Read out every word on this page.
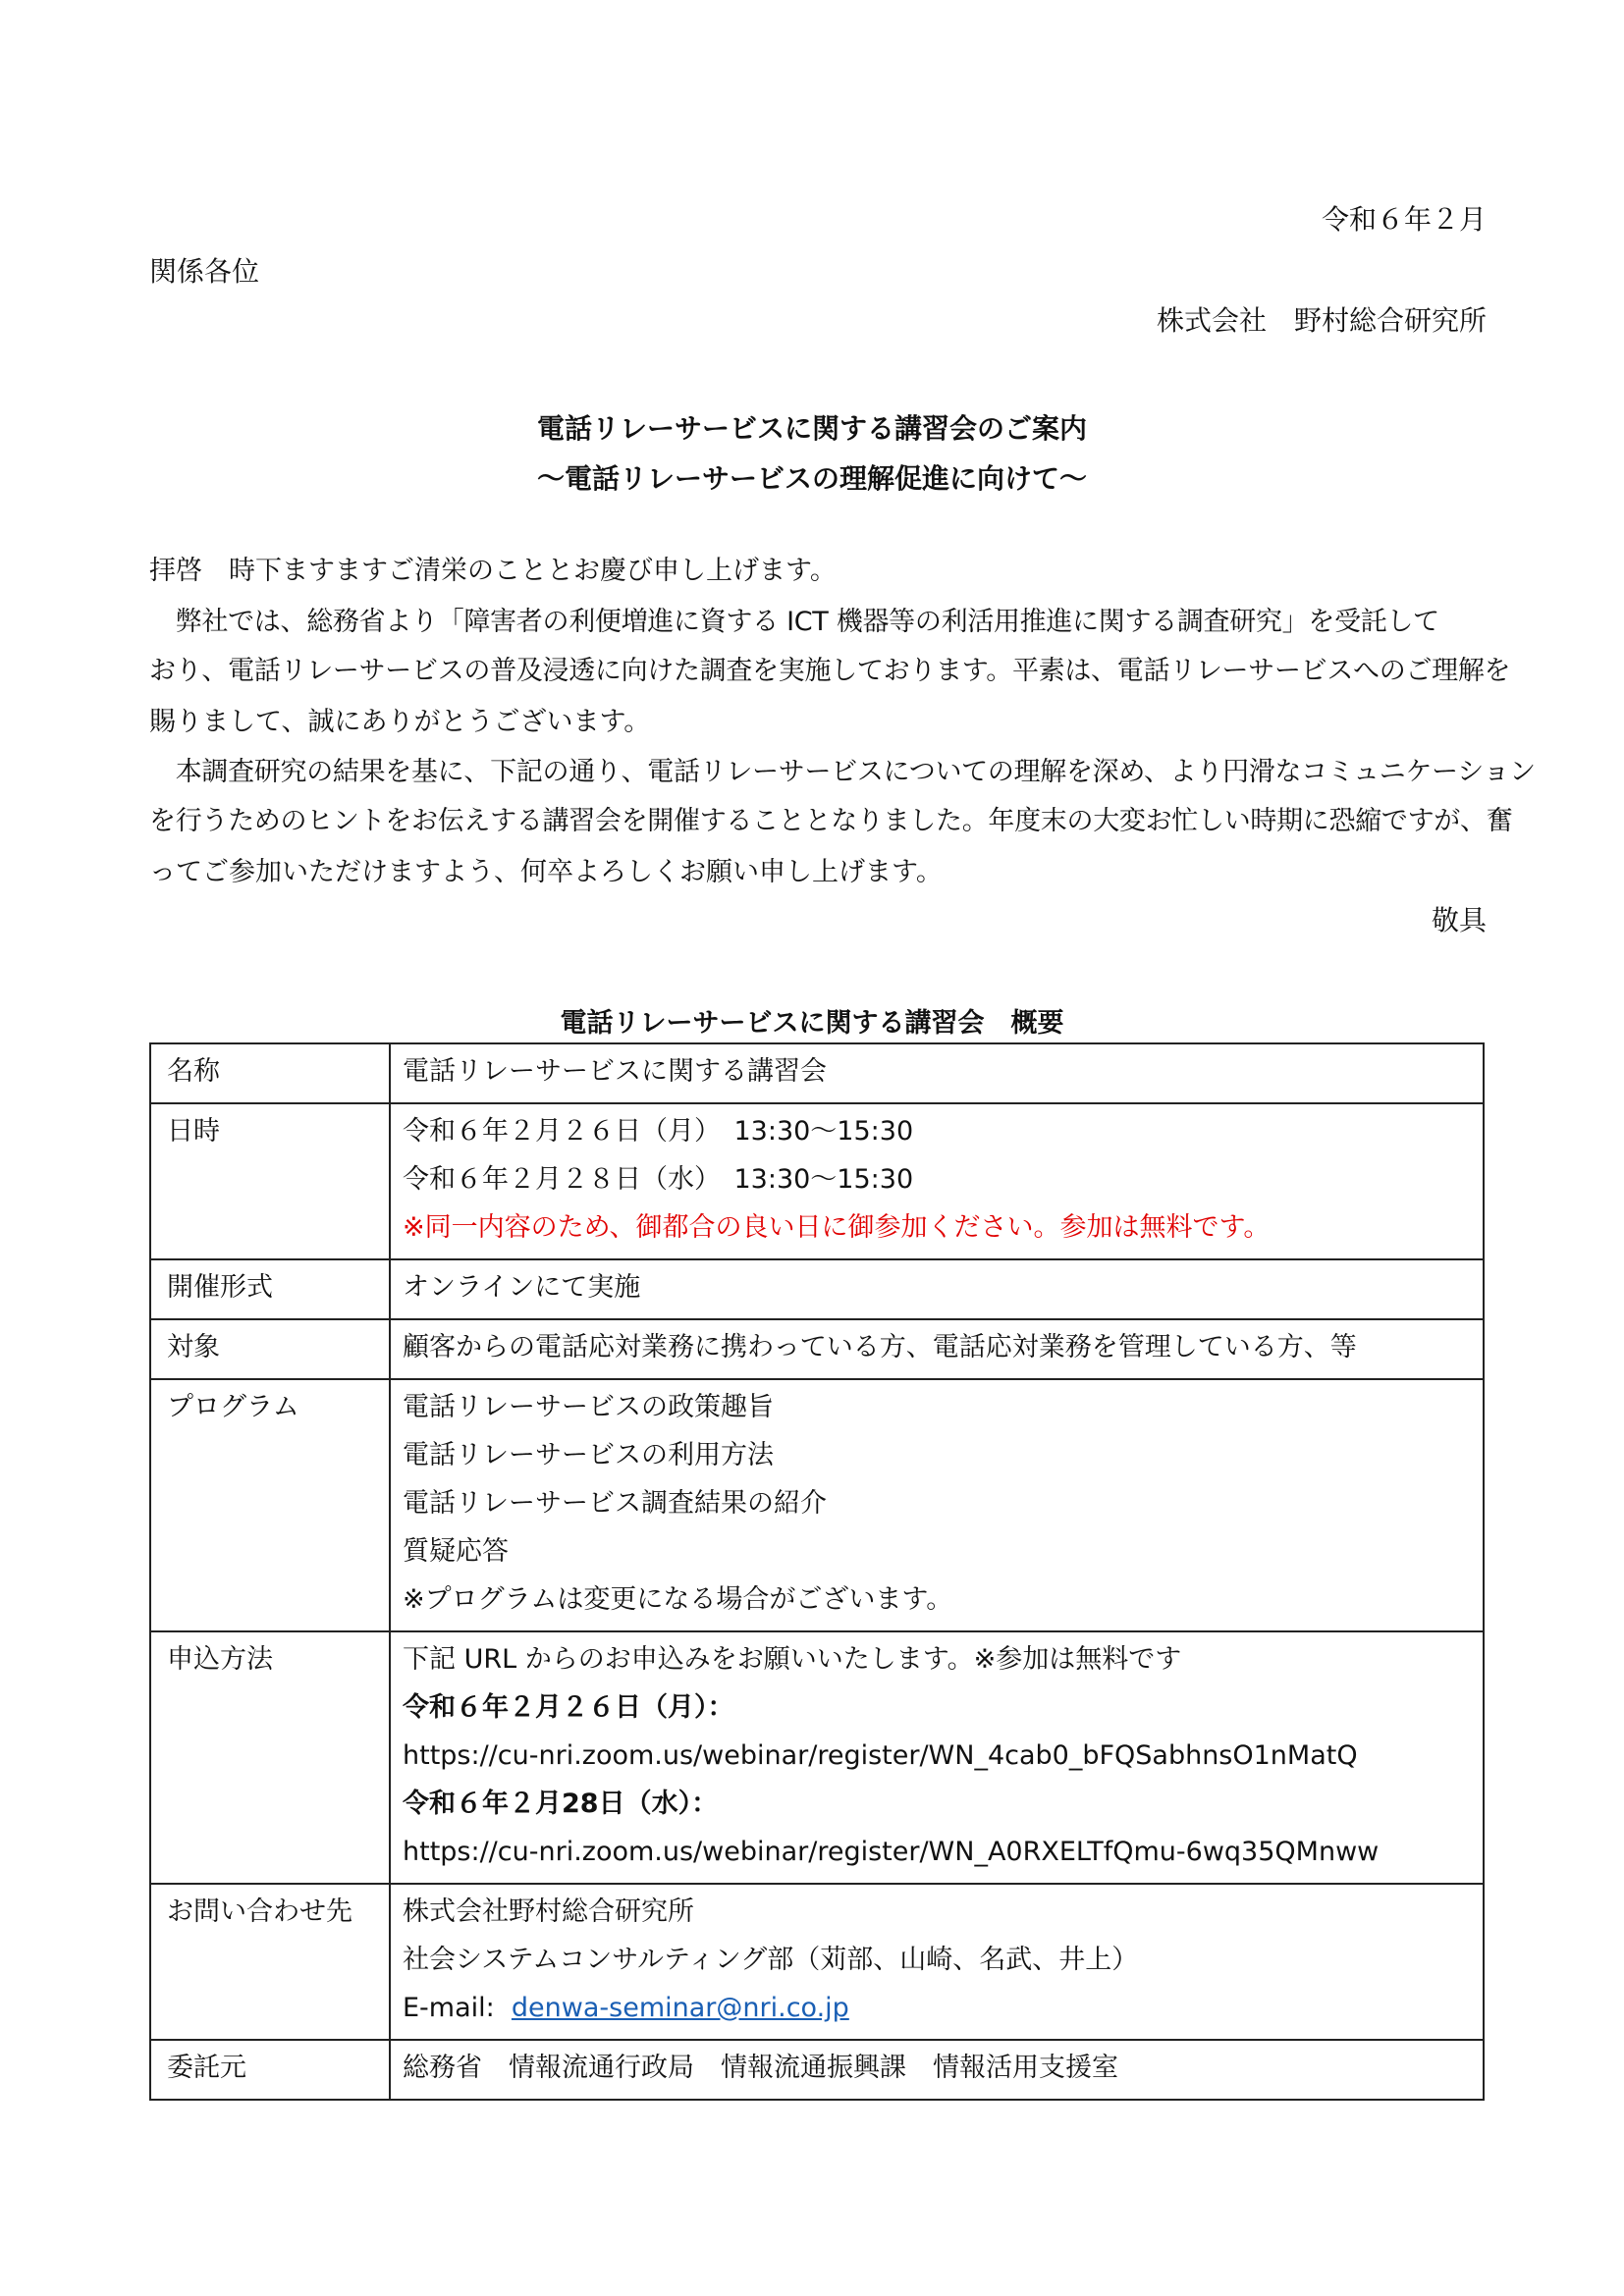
令和６年２月
関係各位
株式会社　野村総合研究所
電話リレーサービスに関する講習会のご案内
～電話リレーサービスの理解促進に向けて～
拝啓　時下ますますご清栄のこととお慶び申し上げます。
　弊社では、総務省より「障害者の利便増進に資する ICT 機器等の利活用推進に関する調査研究」を受託して
おり、電話リレーサービスの普及浸透に向けた調査を実施しております。平素は、電話リレーサービスへのご理解を
賜りまして、誠にありがとうございます。
　本調査研究の結果を基に、下記の通り、電話リレーサービスについての理解を深め、より円滑なコミュニケーション
を行うためのヒントをお伝えする講習会を開催することとなりました。年度末の大変お忙しい時期に恐縮ですが、奮
ってご参加いただけますよう、何卒よろしくお願い申し上げます。
敬具
電話リレーサービスに関する講習会　概要
名称	電話リレーサービスに関する講習会

日時	令和６年２月２６日（月）　13:30～15:30
令和６年２月２８日（水）　13:30～15:30
※同一内容のため、御都合の良い日に御参加ください。参加は無料です。

開催形式	オンラインにて実施

対象	顧客からの電話応対業務に携わっている方、電話応対業務を管理している方、等

プログラム	電話リレーサービスの政策趣旨
電話リレーサービスの利用方法
電話リレーサービス調査結果の紹介
質疑応答
※プログラムは変更になる場合がございます。

申込方法	下記 URL からのお申込みをお願いいたします。※参加は無料です
令和６年２月２６日（月）：
https://cu-nri.zoom.us/webinar/register/WN_4cab0_bFQSabhnsO1nMatQ
令和６年２月28日（水）：
https://cu-nri.zoom.us/webinar/register/WN_A0RXELTfQmu-6wq35QMnww

お問い合わせ先	株式会社野村総合研究所
社会システムコンサルティング部（苅部、山崎、名武、井上）
E-mail: denwa-seminar@nri.co.jp

委託元	総務省　情報流通行政局　情報流通振興課　情報活用支援室
